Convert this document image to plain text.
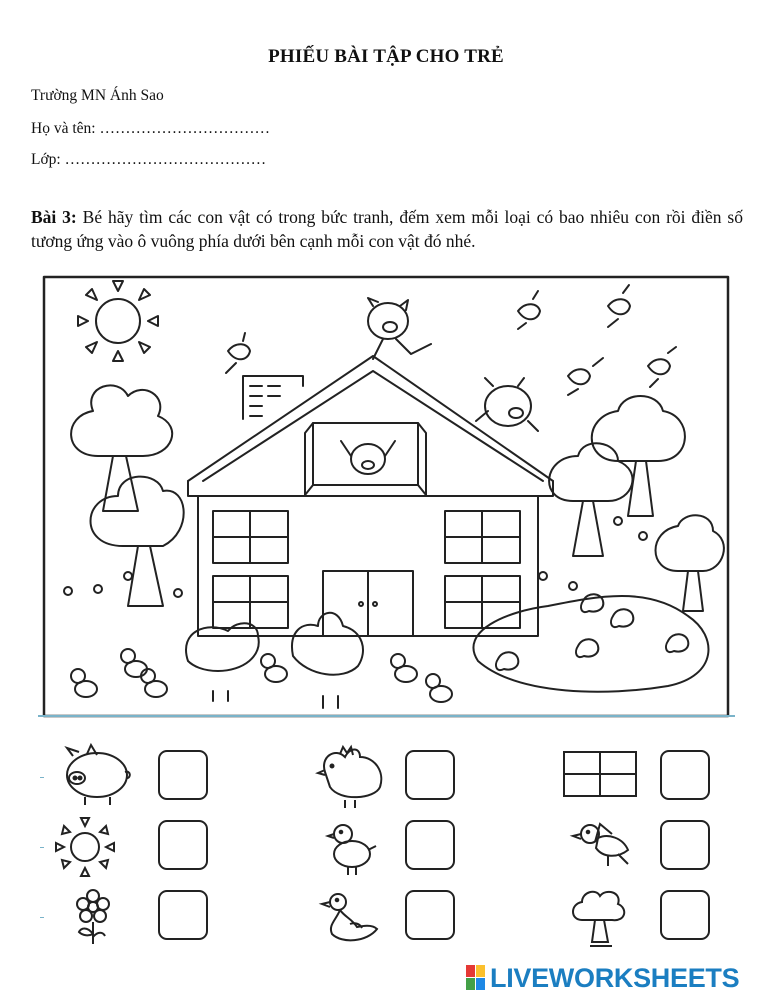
PHIẾU BÀI TẬP CHO TRẺ
Trường MN Ánh Sao
Họ và tên: ……………………………
Lớp: …………………………………
Bài 3: Bé hãy tìm các con vật có trong bức tranh, đếm xem mỗi loại có bao nhiêu con rồi điền số tương ứng vào ô vuông phía dưới bên cạnh mỗi con vật đó nhé.
LIVEWORKSHEETS
